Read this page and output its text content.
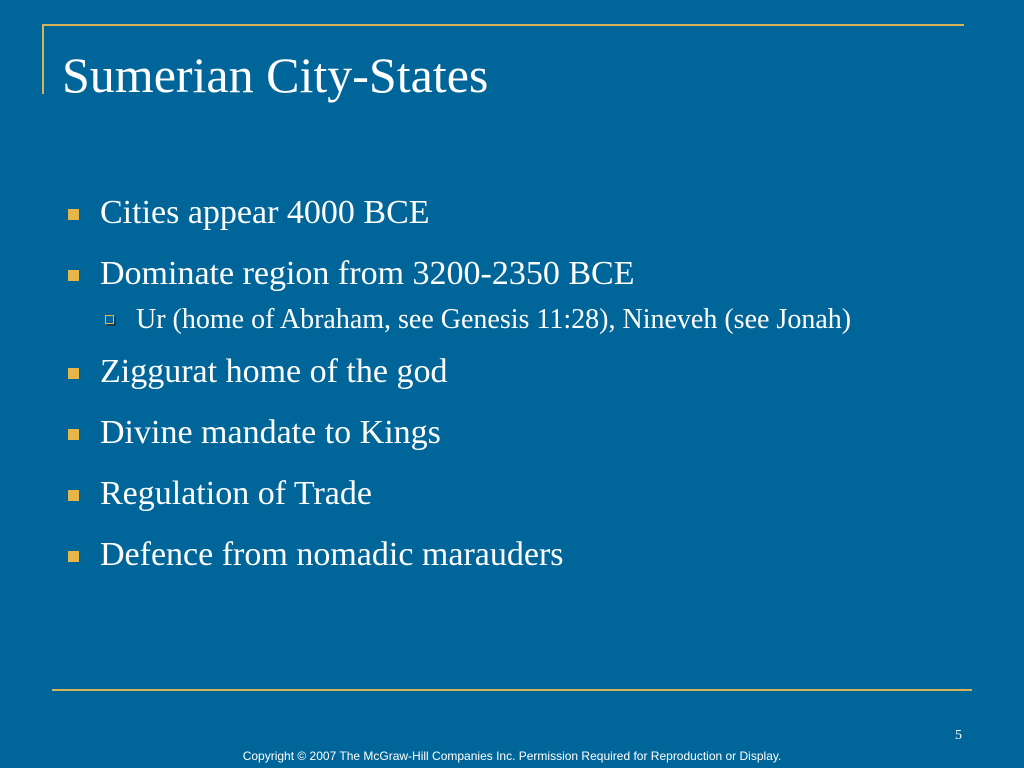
Sumerian City-States
Cities appear 4000 BCE
Dominate region from 3200-2350 BCE
Ur (home of Abraham, see Genesis 11:28), Nineveh (see Jonah)
Ziggurat home of the god
Divine mandate to Kings
Regulation of Trade
Defence from nomadic marauders
5
Copyright © 2007 The McGraw-Hill Companies Inc. Permission Required for Reproduction or Display.
